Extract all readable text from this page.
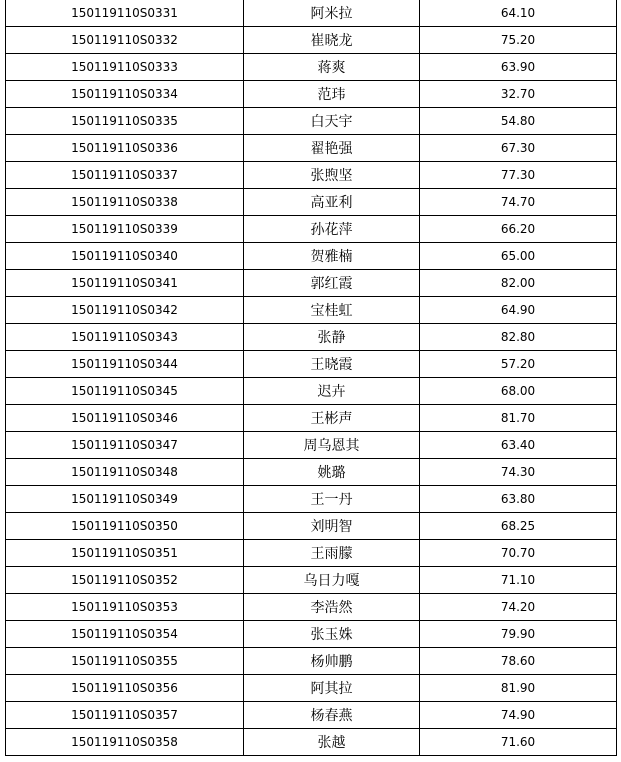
150119110S0331	阿米拉	64.10
150119110S0332	崔晓龙	75.20
150119110S0333	蒋爽	63.90
150119110S0334	范玮	32.70
150119110S0335	白天宇	54.80
150119110S0336	翟艳强	67.30
150119110S0337	张煦坚	77.30
150119110S0338	高亚利	74.70
150119110S0339	孙花萍	66.20
150119110S0340	贺雅楠	65.00
150119110S0341	郭红霞	82.00
150119110S0342	宝桂虹	64.90
150119110S0343	张静	82.80
150119110S0344	王晓霞	57.20
150119110S0345	迟卉	68.00
150119110S0346	王彬声	81.70
150119110S0347	周乌恩其	63.40
150119110S0348	姚璐	74.30
150119110S0349	王一丹	63.80
150119110S0350	刘明智	68.25
150119110S0351	王雨朦	70.70
150119110S0352	乌日力嘎	71.10
150119110S0353	李浩然	74.20
150119110S0354	张玉姝	79.90
150119110S0355	杨帅鹏	78.60
150119110S0356	阿其拉	81.90
150119110S0357	杨春燕	74.90
150119110S0358	张越	71.60
